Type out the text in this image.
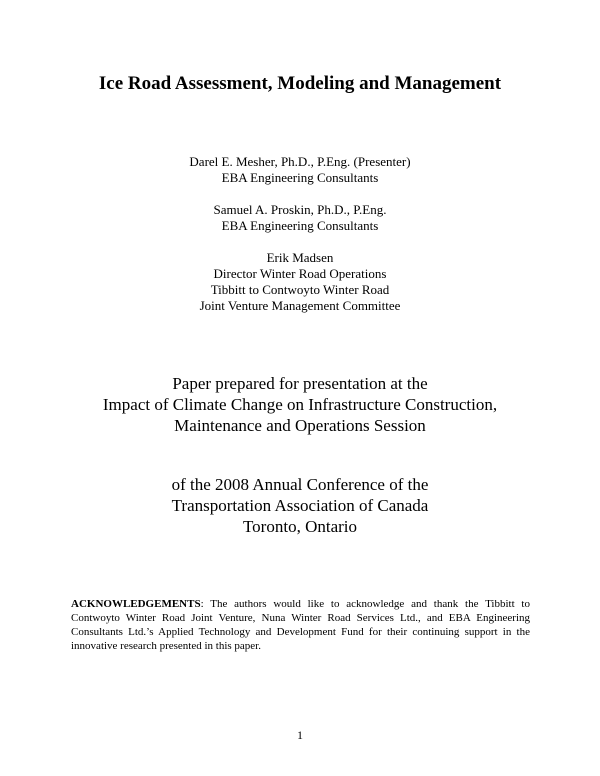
Ice Road Assessment, Modeling and Management
Darel E. Mesher, Ph.D., P.Eng. (Presenter)
EBA Engineering Consultants
Samuel A. Proskin, Ph.D., P.Eng.
EBA Engineering Consultants
Erik Madsen
Director Winter Road Operations
Tibbitt to Contwoyto Winter Road
Joint Venture Management Committee
Paper prepared for presentation at the
Impact of Climate Change on Infrastructure Construction,
Maintenance and Operations Session
of the 2008 Annual Conference of the
Transportation Association of Canada
Toronto, Ontario
ACKNOWLEDGEMENTS: The authors would like to acknowledge and thank the Tibbitt to Contwoyto Winter Road Joint Venture, Nuna Winter Road Services Ltd., and EBA Engineering Consultants Ltd.’s Applied Technology and Development Fund for their continuing support in the innovative research presented in this paper.
1
